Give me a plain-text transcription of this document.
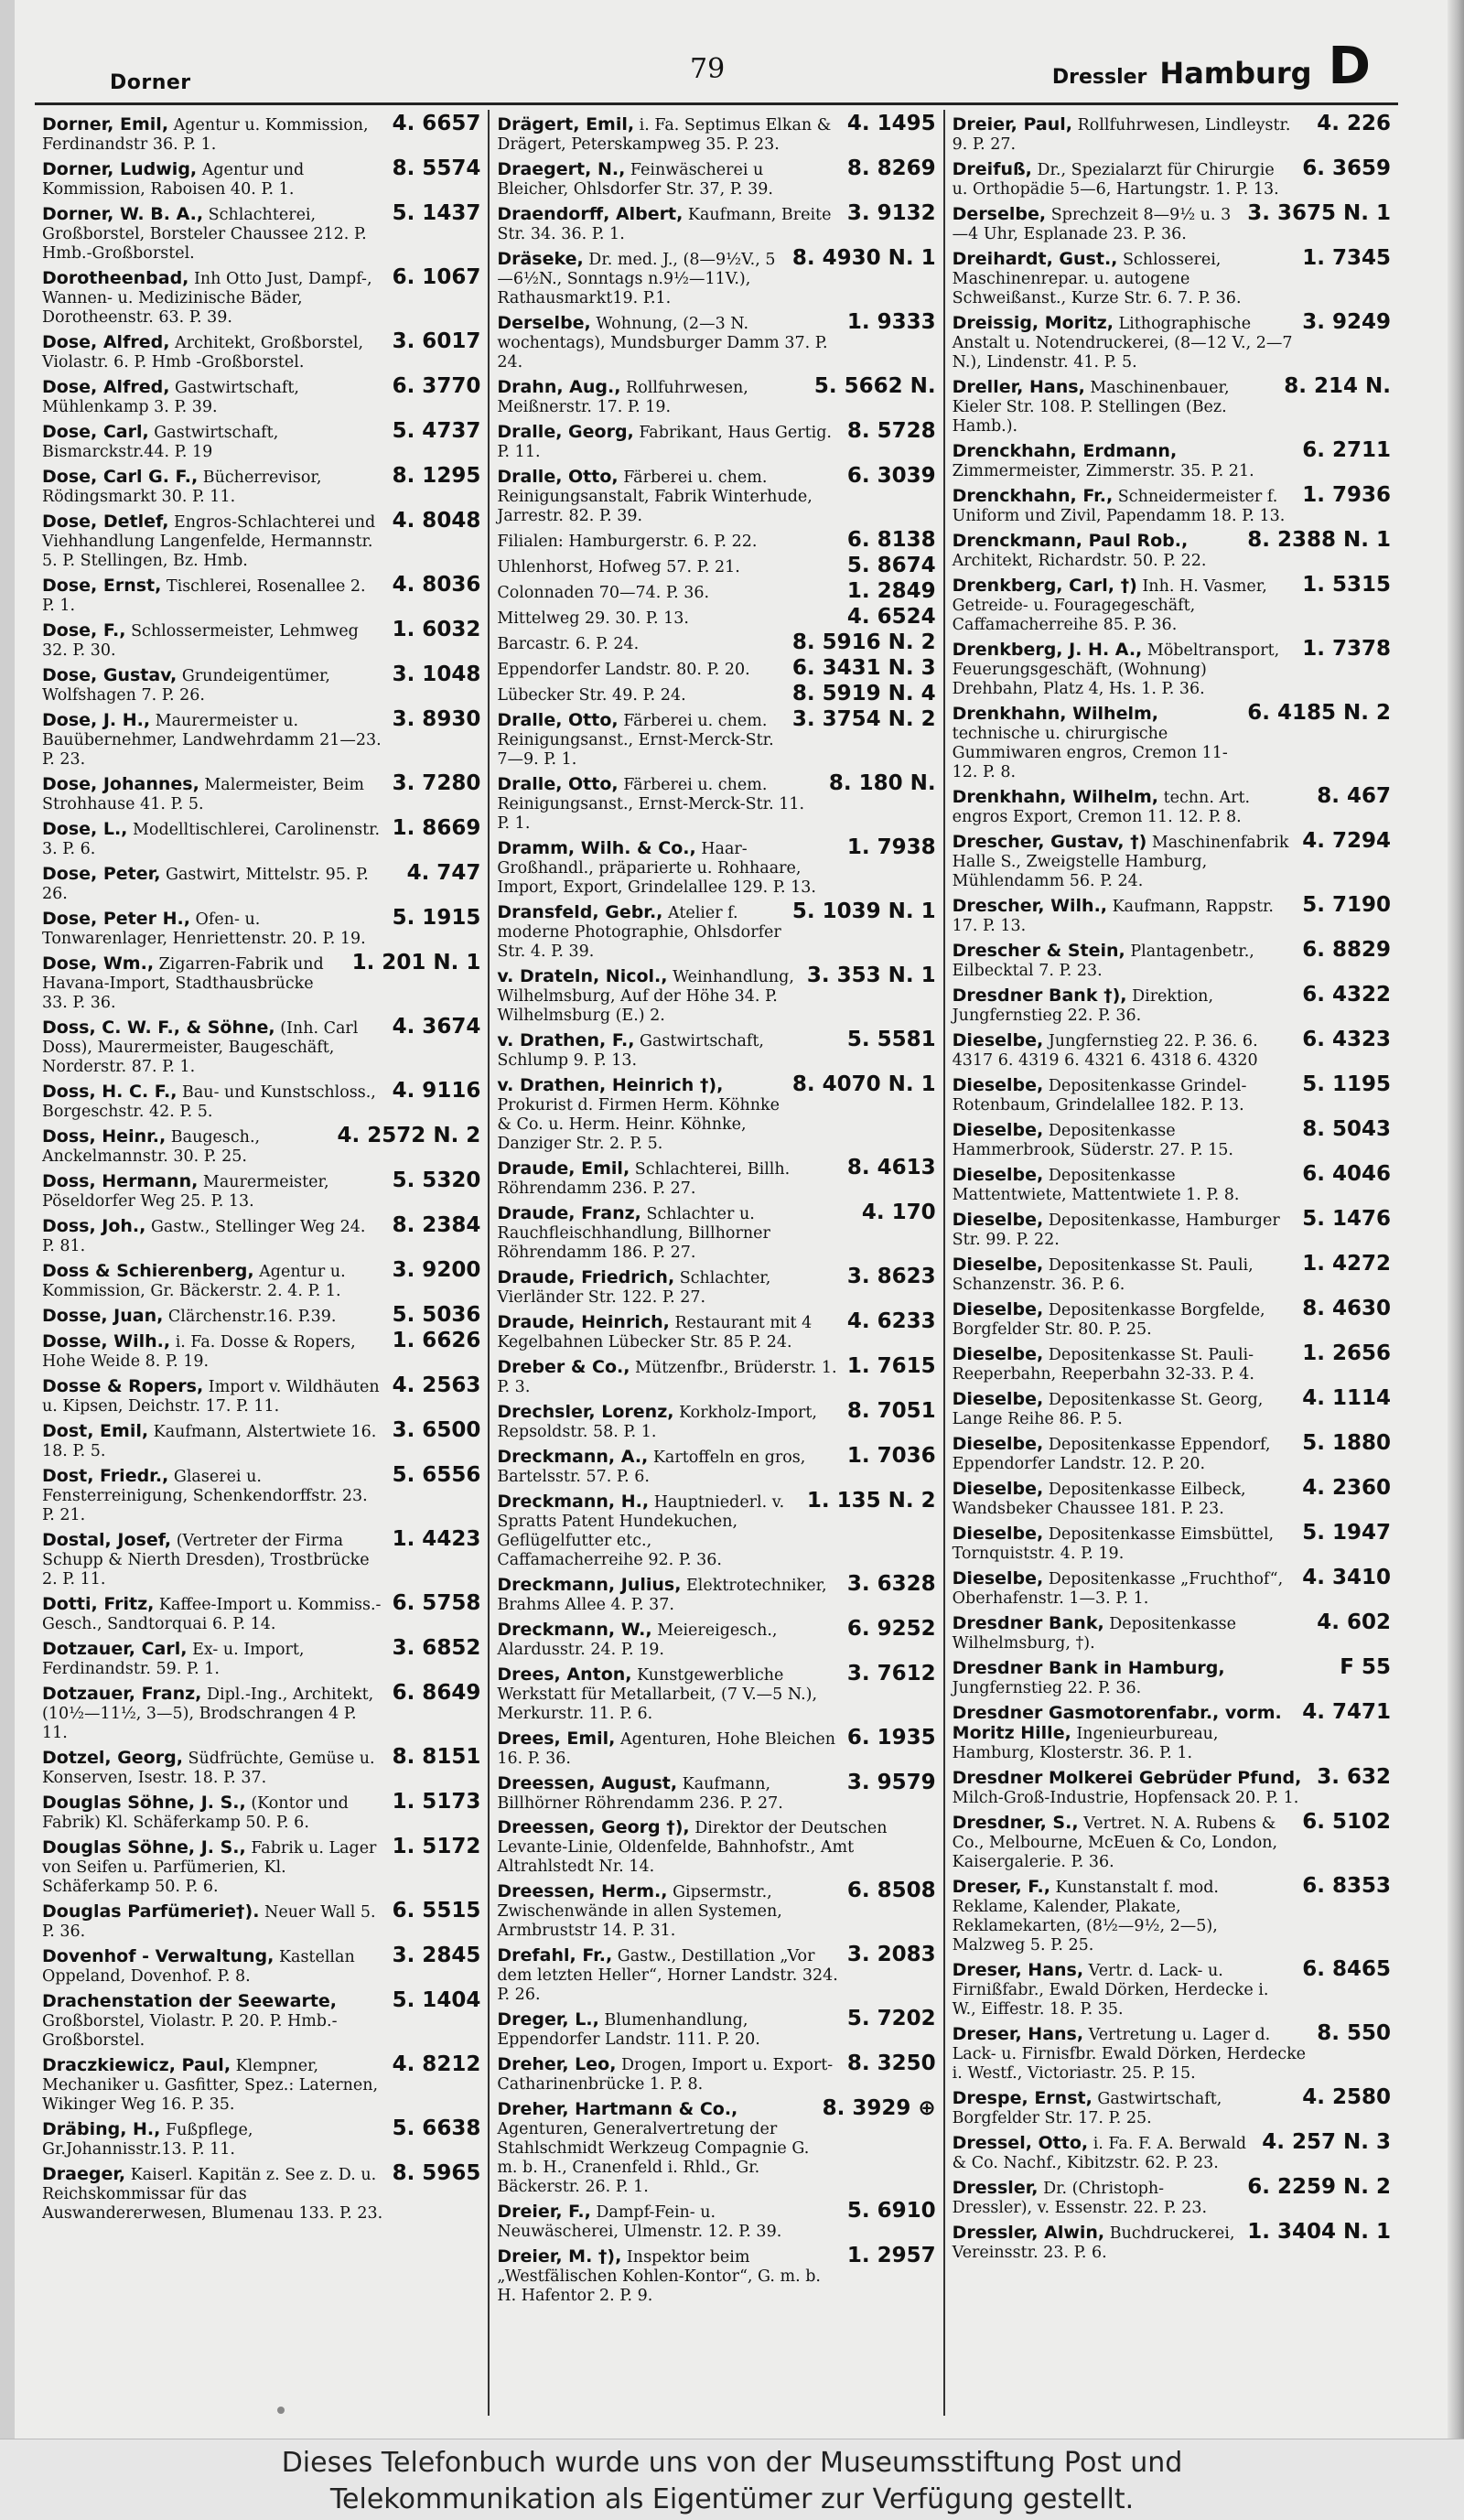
Dorner	79	Dressler Hamburg D
Dorner, Emil, Agentur u. Kommission, Ferdinandstr 36. P. 1.
4. 6657
Dorner, Ludwig, Agentur und Kommission, Raboisen 40. P. 1.
8. 5574
Dorner, W. B. A., Schlachterei, Großborstel, Borsteler Chaussee 212. P. Hmb.-Großborstel.
5. 1437
Dorotheenbad, Inh Otto Just, Dampf-, Wannen- u. Medizinische Bäder, Dorotheenstr. 63. P. 39.
6. 1067
Dose, Alfred, Architekt, Großborstel, Violastr. 6. P. Hmb -Großborstel.
3. 6017
Dose, Alfred, Gastwirtschaft, Mühlenkamp 3. P. 39.
6. 3770
Dose, Carl, Gastwirtschaft, Bismarckstr.44. P. 19
5. 4737
Dose, Carl G. F., Bücherrevisor, Rödingsmarkt 30. P. 11.
8. 1295
Dose, Detlef, Engros-Schlachterei und Viehhandlung Langenfelde, Hermannstr. 5. P. Stellingen, Bz. Hmb.
4. 8048
Dose, Ernst, Tischlerei, Rosenallee 2. P. 1.
4. 8036
Dose, F., Schlossermeister, Lehmweg 32. P. 30.
1. 6032
Dose, Gustav, Grundeigentümer, Wolfshagen 7. P. 26.
3. 1048
Dose, J. H., Maurermeister u. Bauübernehmer, Landwehrdamm 21—23. P. 23.
3. 8930
Dose, Johannes, Malermeister, Beim Strohhause 41. P. 5.
3. 7280
Dose, L., Modelltischlerei, Carolinenstr. 3. P. 6.
1. 8669
Dose, Peter, Gastwirt, Mittelstr. 95. P. 26.
4. 747
Dose, Peter H., Ofen- u. Tonwarenlager, Henriettenstr. 20. P. 19.
5. 1915
Dose, Wm., Zigarren-Fabrik und Havana-Import, Stadthausbrücke 33. P. 36.
1. 201 N. 1
Doss, C. W. F., & Söhne, (Inh. Carl Doss), Maurermeister, Baugeschäft, Norderstr. 87. P. 1.
4. 3674
Doss, H. C. F., Bau- und Kunstschloss., Borgeschstr. 42. P. 5.
4. 9116
Doss, Heinr., Baugesch., Anckelmannstr. 30. P. 25.
4. 2572 N. 2
Doss, Hermann, Maurermeister, Pöseldorfer Weg 25. P. 13.
5. 5320
Doss, Joh., Gastw., Stellinger Weg 24. P. 81.
8. 2384
Doss & Schierenberg, Agentur u. Kommission, Gr. Bäckerstr. 2. 4. P. 1.
3. 9200
Dosse, Juan, Clärchenstr.16. P.39.	5. 5036
Dosse, Wilh., i. Fa. Dosse & Ropers, Hohe Weide 8. P. 19.
1. 6626
Dosse & Ropers, Import v. Wildhäuten u. Kipsen, Deichstr. 17. P. 11.
4. 2563
Dost, Emil, Kaufmann, Alstertwiete 16. 18. P. 5.
3. 6500
Dost, Friedr., Glaserei u. Fensterreinigung, Schenkendorffstr. 23. P. 21.
5. 6556
Dostal, Josef, (Vertreter der Firma Schupp & Nierth Dresden), Trostbrücke 2. P. 11.
1. 4423
Dotti, Fritz, Kaffee-Import u. Kommiss.-Gesch., Sandtorquai 6. P. 14.
6. 5758
Dotzauer, Carl, Ex- u. Import, Ferdinandstr. 59. P. 1.
3. 6852
Dotzauer, Franz, Dipl.-Ing., Architekt, (10½—11½, 3—5), Brodschrangen 4 P. 11.
6. 8649
Dotzel, Georg, Südfrüchte, Gemüse u. Konserven, Isestr. 18. P. 37.
8. 8151
Douglas Söhne, J. S., (Kontor und Fabrik) Kl. Schäferkamp 50. P. 6.
1. 5173
Douglas Söhne, J. S., Fabrik u. Lager von Seifen u. Parfümerien, Kl. Schäferkamp 50. P. 6.
1. 5172
Douglas Parfümerie†). Neuer Wall 5. P. 36.
6. 5515
Dovenhof - Verwaltung, Kastellan Oppeland, Dovenhof. P. 8.
3. 2845
Drachenstation der Seewarte, Großborstel, Violastr. P. 20. P. Hmb.-Großborstel.
5. 1404
Draczkiewicz, Paul, Klempner, Mechaniker u. Gasfitter, Spez.: Laternen, Wikinger Weg 16. P. 35.
4. 8212
Dräbing, H., Fußpflege, Gr.Johannisstr.13. P. 11.
5. 6638
Draeger, Kaiserl. Kapitän z. See z. D. u. Reichskommissar für das Auswandererwesen, Blumenau 133. P. 23.
8. 5965
Drägert, Emil, i. Fa. Septimus Elkan & Drägert, Peterskampweg 35. P. 23.
4. 1495
Draegert, N., Feinwäscherei u Bleicher, Ohlsdorfer Str. 37, P. 39.
8. 8269
Draendorff, Albert, Kaufmann, Breite Str. 34. 36. P. 1.
3. 9132
Dräseke, Dr. med. J., (8—9½V., 5—6½N., Sonntags n.9½—11V.), Rathausmarkt19. P.1.
8. 4930 N. 1
Derselbe, Wohnung, (2—3 N. wochentags), Mundsburger Damm 37. P. 24.
1. 9333
Drahn, Aug., Rollfuhrwesen, Meißnerstr. 17. P. 19.
5. 5662 N.
Dralle, Georg, Fabrikant, Haus Gertig. P. 11.
8. 5728
Dralle, Otto, Färberei u. chem. Reinigungsanstalt, Fabrik Winterhude, Jarrestr. 82. P. 39.
6. 3039
Filialen: Hamburgerstr. 6. P. 22.	6. 8138
Uhlenhorst, Hofweg 57. P. 21.	5. 8674
Colonnaden 70—74. P. 36.	1. 2849
Mittelweg 29. 30. P. 13.	4. 6524
Barcastr. 6. P. 24.	8. 5916 N. 2
Eppendorfer Landstr. 80. P. 20.	6. 3431 N. 3
Lübecker Str. 49. P. 24.	8. 5919 N. 4
Dralle, Otto, Färberei u. chem. Reinigungsanst., Ernst-Merck-Str. 7—9. P. 1.
3. 3754 N. 2
Dralle, Otto, Färberei u. chem. Reinigungsanst., Ernst-Merck-Str. 11. P. 1.
8. 180 N.
Dramm, Wilh. & Co., Haar-Großhandl., präparierte u. Rohhaare, Import, Export, Grindelallee 129. P. 13.
1. 7938
Dransfeld, Gebr., Atelier f. moderne Photographie, Ohlsdorfer Str. 4. P. 39.
5. 1039 N. 1
v. Drateln, Nicol., Weinhandlung, Wilhelmsburg, Auf der Höhe 34. P. Wilhelmsburg (E.) 2.
3. 353 N. 1
v. Drathen, F., Gastwirtschaft, Schlump 9. P. 13.
5. 5581
v. Drathen, Heinrich †), Prokurist d. Firmen Herm. Köhnke & Co. u. Herm. Heinr. Köhnke, Danziger Str. 2. P. 5.
8. 4070 N. 1
Draude, Emil, Schlachterei, Billh. Röhrendamm 236. P. 27.
8. 4613
Draude, Franz, Schlachter u. Rauchfleischhandlung, Billhorner Röhrendamm 186. P. 27.
4. 170
Draude, Friedrich, Schlachter, Vierländer Str. 122. P. 27.
3. 8623
Draude, Heinrich, Restaurant mit 4 Kegelbahnen Lübecker Str. 85 P. 24.
4. 6233
Dreber & Co., Mützenfbr., Brüderstr. 1. P. 3.
1. 7615
Drechsler, Lorenz, Korkholz-Import, Repsoldstr. 58. P. 1.
8. 7051
Dreckmann, A., Kartoffeln en gros, Bartelsstr. 57. P. 6.
1. 7036
Dreckmann, H., Hauptniederl. v. Spratts Patent Hundekuchen, Geflügelfutter etc., Caffamacherreihe 92. P. 36.
1. 135 N. 2
Dreckmann, Julius, Elektrotechniker, Brahms Allee 4. P. 37.
3. 6328
Dreckmann, W., Meiereigesch., Alardusstr. 24. P. 19.
6. 9252
Drees, Anton, Kunstgewerbliche Werkstatt für Metallarbeit, (7 V.—5 N.), Merkurstr. 11. P. 6.
3. 7612
Drees, Emil, Agenturen, Hohe Bleichen 16. P. 36.
6. 1935
Dreessen, August, Kaufmann, Billhörner Röhrendamm 236. P. 27.
3. 9579
Dreessen, Georg †), Direktor der Deutschen Levante-Linie, Oldenfelde, Bahnhofstr., Amt Altrahlstedt Nr. 14.
Dreessen, Herm., Gipsermstr., Zwischenwände in allen Systemen, Armbruststr 14. P. 31.
6. 8508
Drefahl, Fr., Gastw., Destillation „Vor dem letzten Heller“, Horner Landstr. 324. P. 26.
3. 2083
Dreger, L., Blumenhandlung, Eppendorfer Landstr. 111. P. 20.
5. 7202
Dreher, Leo, Drogen, Import u. Export-Catharinenbrücke 1. P. 8.
8. 3250
Dreher, Hartmann & Co., Agenturen, Generalvertretung der Stahlschmidt Werkzeug Compagnie G. m. b. H., Cranenfeld i. Rhld., Gr. Bäckerstr. 26. P. 1.
8. 3929 ⊕
Dreier, F., Dampf-Fein- u. Neuwäscherei, Ulmenstr. 12. P. 39.
5. 6910
Dreier, M. †), Inspektor beim „Westfälischen Kohlen-Kontor“, G. m. b. H. Hafentor 2. P. 9.
1. 2957
Dreier, Paul, Rollfuhrwesen, Lindleystr. 9. P. 27.
4. 226
Dreifuß, Dr., Spezialarzt für Chirurgie u. Orthopädie 5—6, Hartungstr. 1. P. 13.
6. 3659
Derselbe, Sprechzeit 8—9½ u. 3—4 Uhr, Esplanade 23. P. 36.
3. 3675 N. 1
Dreihardt, Gust., Schlosserei, Maschinenrepar. u. autogene Schweißanst., Kurze Str. 6. 7. P. 36.
1. 7345
Dreissig, Moritz, Lithographische Anstalt u. Notendruckerei, (8—12 V., 2—7 N.), Lindenstr. 41. P. 5.
3. 9249
Dreller, Hans, Maschinenbauer, Kieler Str. 108. P. Stellingen (Bez. Hamb.).
8. 214 N.
Drenckhahn, Erdmann, Zimmermeister, Zimmerstr. 35. P. 21.
6. 2711
Drenckhahn, Fr., Schneidermeister f. Uniform und Zivil, Papendamm 18. P. 13.
1. 7936
Drenckmann, Paul Rob., Architekt, Richardstr. 50. P. 22.
8. 2388 N. 1
Drenkberg, Carl, †) Inh. H. Vasmer, Getreide- u. Fouragegeschäft, Caffamacherreihe 85. P. 36.
1. 5315
Drenkberg, J. H. A., Möbeltransport, Feuerungsgeschäft, (Wohnung) Drehbahn, Platz 4, Hs. 1. P. 36.
1. 7378
Drenkhahn, Wilhelm, technische u. chirurgische Gummiwaren engros, Cremon 11-12. P. 8.
6. 4185 N. 2
Drenkhahn, Wilhelm, techn. Art. engros Export, Cremon 11. 12. P. 8.
8. 467
Drescher, Gustav, †) Maschinenfabrik Halle S., Zweigstelle Hamburg, Mühlendamm 56. P. 24.
4. 7294
Drescher, Wilh., Kaufmann, Rappstr. 17. P. 13.
5. 7190
Drescher & Stein, Plantagenbetr., Eilbecktal 7. P. 23.
6. 8829
Dresdner Bank †), Direktion, Jungfernstieg 22. P. 36.
6. 4322
Dieselbe, Jungfernstieg 22. P. 36. 6. 4317 6. 4319 6. 4321 6. 4318 6. 4320
6. 4323
Dieselbe, Depositenkasse Grindel-Rotenbaum, Grindelallee 182. P. 13.
5. 1195
Dieselbe, Depositenkasse Hammerbrook, Süderstr. 27. P. 15.
8. 5043
Dieselbe, Depositenkasse Mattentwiete, Mattentwiete 1. P. 8.
6. 4046
Dieselbe, Depositenkasse, Hamburger Str. 99. P. 22.
5. 1476
Dieselbe, Depositenkasse St. Pauli, Schanzenstr. 36. P. 6.
1. 4272
Dieselbe, Depositenkasse Borgfelde, Borgfelder Str. 80. P. 25.
8. 4630
Dieselbe, Depositenkasse St. Pauli-Reeperbahn, Reeperbahn 32-33. P. 4.
1. 2656
Dieselbe, Depositenkasse St. Georg, Lange Reihe 86. P. 5.
4. 1114
Dieselbe, Depositenkasse Eppendorf, Eppendorfer Landstr. 12. P. 20.
5. 1880
Dieselbe, Depositenkasse Eilbeck, Wandsbeker Chaussee 181. P. 23.
4. 2360
Dieselbe, Depositenkasse Eimsbüttel, Tornquiststr. 4. P. 19.
5. 1947
Dieselbe, Depositenkasse „Fruchthof“, Oberhafenstr. 1—3. P. 1.
4. 3410
Dresdner Bank, Depositenkasse Wilhelmsburg, †).
4. 602
Dresdner Bank in Hamburg, Jungfernstieg 22. P. 36.
F 55
Dresdner Gasmotorenfabr., vorm. Moritz Hille, Ingenieurbureau, Hamburg, Klosterstr. 36. P. 1.
4. 7471
Dresdner Molkerei Gebrüder Pfund, Milch-Groß-Industrie, Hopfensack 20. P. 1.
3. 632
Dresdner, S., Vertret. N. A. Rubens & Co., Melbourne, McEuen & Co, London, Kaisergalerie. P. 36.
6. 5102
Dreser, F., Kunstanstalt f. mod. Reklame, Kalender, Plakate, Reklamekarten, (8½—9½, 2—5), Malzweg 5. P. 25.
6. 8353
Dreser, Hans, Vertr. d. Lack- u. Firnißfabr., Ewald Dörken, Herdecke i. W., Eiffestr. 18. P. 35.
6. 8465
Dreser, Hans, Vertretung u. Lager d. Lack- u. Firnisfbr. Ewald Dörken, Herdecke i. Westf., Victoriastr. 25. P. 15.
8. 550
Drespe, Ernst, Gastwirtschaft, Borgfelder Str. 17. P. 25.
4. 2580
Dressel, Otto, i. Fa. F. A. Berwald & Co. Nachf., Kibitzstr. 62. P. 23.
4. 257 N. 3
Dressler, Dr. (Christoph-Dressler), v. Essenstr. 22. P. 23.
6. 2259 N. 2
Dressler, Alwin, Buchdruckerei, Vereinsstr. 23. P. 6.
1. 3404 N. 1
Dieses Telefonbuch wurde uns von der Museumsstiftung Post und
Telekommunikation als Eigentümer zur Verfügung gestellt.
